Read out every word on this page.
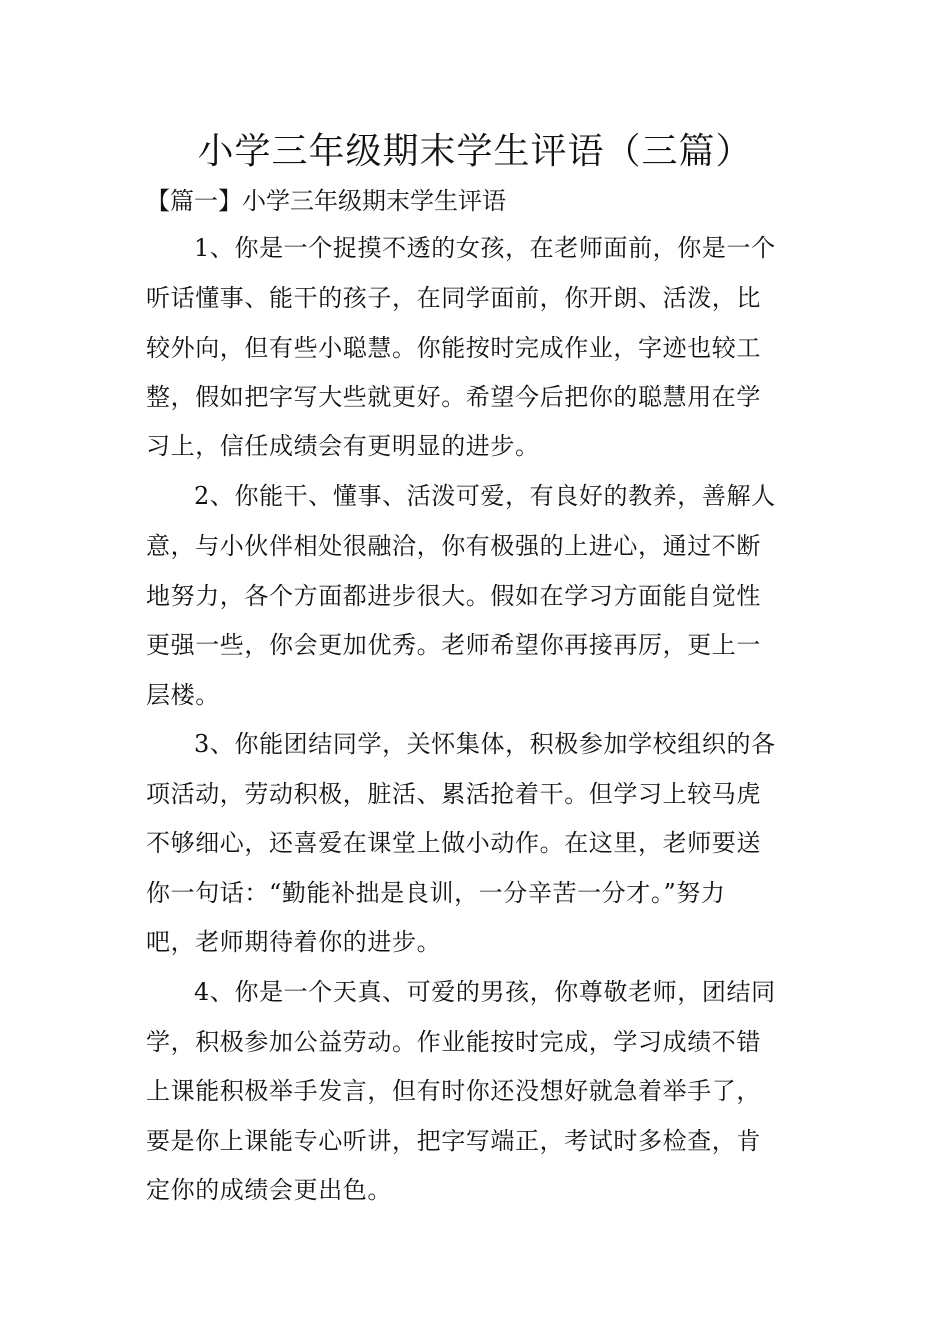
小学三年级期末学生评语（三篇）

【篇一】小学三年级期末学生评语

1、你是一个捉摸不透的女孩，在老师面前，你是一个
听话懂事、能干的孩子，在同学面前，你开朗、活泼，比
较外向，但有些小聪慧。你能按时完成作业，字迹也较工
整，假如把字写大些就更好。希望今后把你的聪慧用在学
习上，信任成绩会有更明显的进步。
2、你能干、懂事、活泼可爱，有良好的教养，善解人
意，与小伙伴相处很融洽，你有极强的上进心，通过不断
地努力，各个方面都进步很大。假如在学习方面能自觉性
更强一些，你会更加优秀。老师希望你再接再厉，更上一
层楼。
3、你能团结同学，关怀集体，积极参加学校组织的各
项活动，劳动积极，脏活、累活抢着干。但学习上较马虎
不够细心，还喜爱在课堂上做小动作。在这里，老师要送
你一句话：“勤能补拙是良训，一分辛苦一分才。”努力
吧，老师期待着你的进步。
4、你是一个天真、可爱的男孩，你尊敬老师，团结同
学，积极参加公益劳动。作业能按时完成，学习成绩不错
上课能积极举手发言，但有时你还没想好就急着举手了，
要是你上课能专心听讲，把字写端正，考试时多检查，肯
定你的成绩会更出色。
